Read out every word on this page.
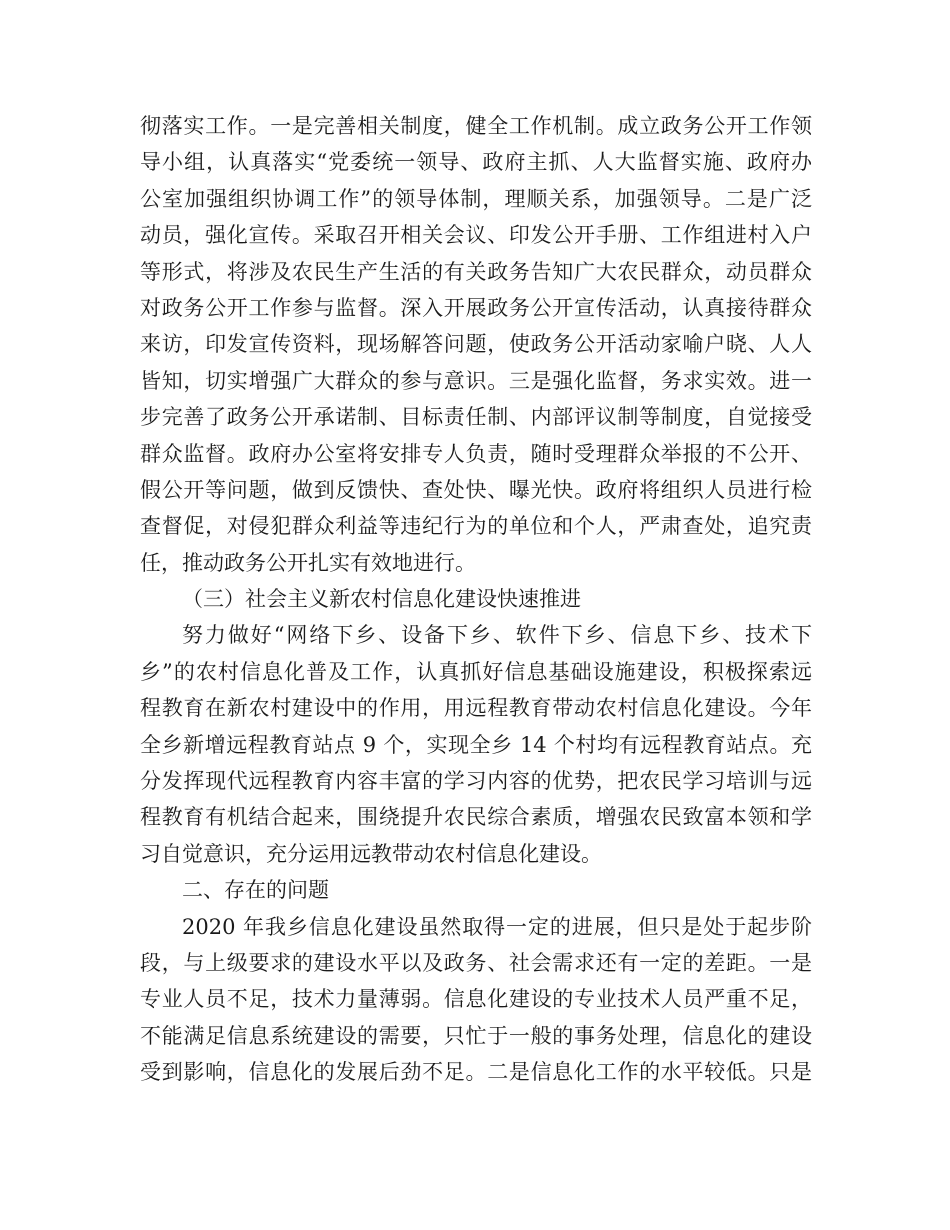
彻落实工作。一是完善相关制度，健全工作机制。成立政务公开工作领
导小组，认真落实“党委统一领导、政府主抓、人大监督实施、政府办
公室加强组织协调工作”的领导体制，理顺关系，加强领导。二是广泛
动员，强化宣传。采取召开相关会议、印发公开手册、工作组进村入户
等形式，将涉及农民生产生活的有关政务告知广大农民群众，动员群众
对政务公开工作参与监督。深入开展政务公开宣传活动，认真接待群众
来访，印发宣传资料，现场解答问题，使政务公开活动家喻户晓、人人
皆知，切实增强广大群众的参与意识。三是强化监督，务求实效。进一
步完善了政务公开承诺制、目标责任制、内部评议制等制度，自觉接受
群众监督。政府办公室将安排专人负责，随时受理群众举报的不公开、
假公开等问题，做到反馈快、查处快、曝光快。政府将组织人员进行检
查督促，对侵犯群众利益等违纪行为的单位和个人，严肃查处，追究责
任，推动政务公开扎实有效地进行。
（三）社会主义新农村信息化建设快速推进
努力做好“网络下乡、设备下乡、软件下乡、信息下乡、技术下
乡”的农村信息化普及工作，认真抓好信息基础设施建设，积极探索远
程教育在新农村建设中的作用，用远程教育带动农村信息化建设。今年
全乡新增远程教育站点 9 个，实现全乡 14 个村均有远程教育站点。充
分发挥现代远程教育内容丰富的学习内容的优势，把农民学习培训与远
程教育有机结合起来，围绕提升农民综合素质，增强农民致富本领和学
习自觉意识，充分运用远教带动农村信息化建设。
二、存在的问题
2020 年我乡信息化建设虽然取得一定的进展，但只是处于起步阶
段，与上级要求的建设水平以及政务、社会需求还有一定的差距。一是
专业人员不足，技术力量薄弱。信息化建设的专业技术人员严重不足，
不能满足信息系统建设的需要，只忙于一般的事务处理，信息化的建设
受到影响，信息化的发展后劲不足。二是信息化工作的水平较低。只是
